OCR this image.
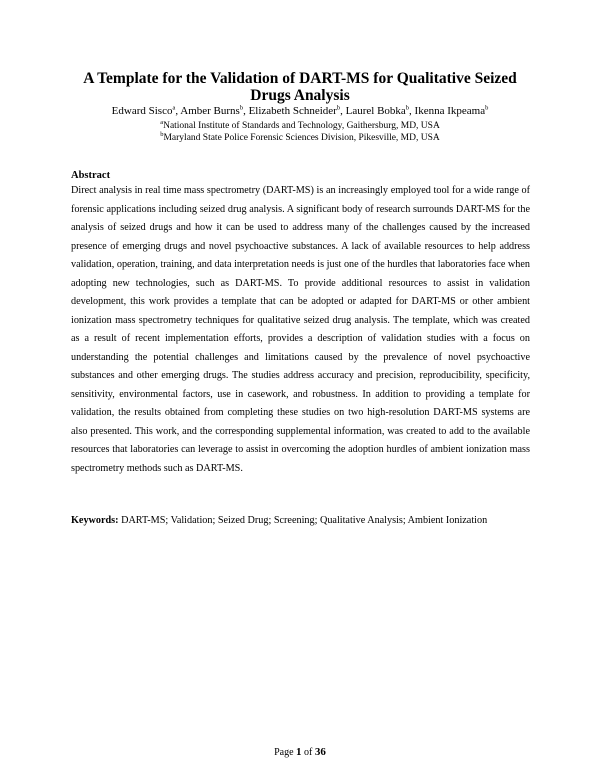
A Template for the Validation of DART-MS for Qualitative Seized Drugs Analysis
Edward Sisco$^a$, Amber Burns$^b$, Elizabeth Schneider$^b$, Laurel Bobka$^b$, Ikenna Ikpeama$^b$
$^a$National Institute of Standards and Technology, Gaithersburg, MD, USA
$^b$Maryland State Police Forensic Sciences Division, Pikesville, MD, USA
Abstract

Direct analysis in real time mass spectrometry (DART-MS) is an increasingly employed tool for a wide range of forensic applications including seized drug analysis. A significant body of research surrounds DART-MS for the analysis of seized drugs and how it can be used to address many of the challenges caused by the increased presence of emerging drugs and novel psychoactive substances. A lack of available resources to help address validation, operation, training, and data interpretation needs is just one of the hurdles that laboratories face when adopting new technologies, such as DART-MS. To provide additional resources to assist in validation development, this work provides a template that can be adopted or adapted for DART-MS or other ambient ionization mass spectrometry techniques for qualitative seized drug analysis. The template, which was created as a result of recent implementation efforts, provides a description of validation studies with a focus on understanding the potential challenges and limitations caused by the prevalence of novel psychoactive substances and other emerging drugs. The studies address accuracy and precision, reproducibility, specificity, sensitivity, environmental factors, use in casework, and robustness. In addition to providing a template for validation, the results obtained from completing these studies on two high-resolution DART-MS systems are also presented. This work, and the corresponding supplemental information, was created to add to the available resources that laboratories can leverage to assist in overcoming the adoption hurdles of ambient ionization mass spectrometry methods such as DART-MS.

Keywords: DART-MS; Validation; Seized Drug; Screening; Qualitative Analysis; Ambient Ionization

Page 1 of 36
